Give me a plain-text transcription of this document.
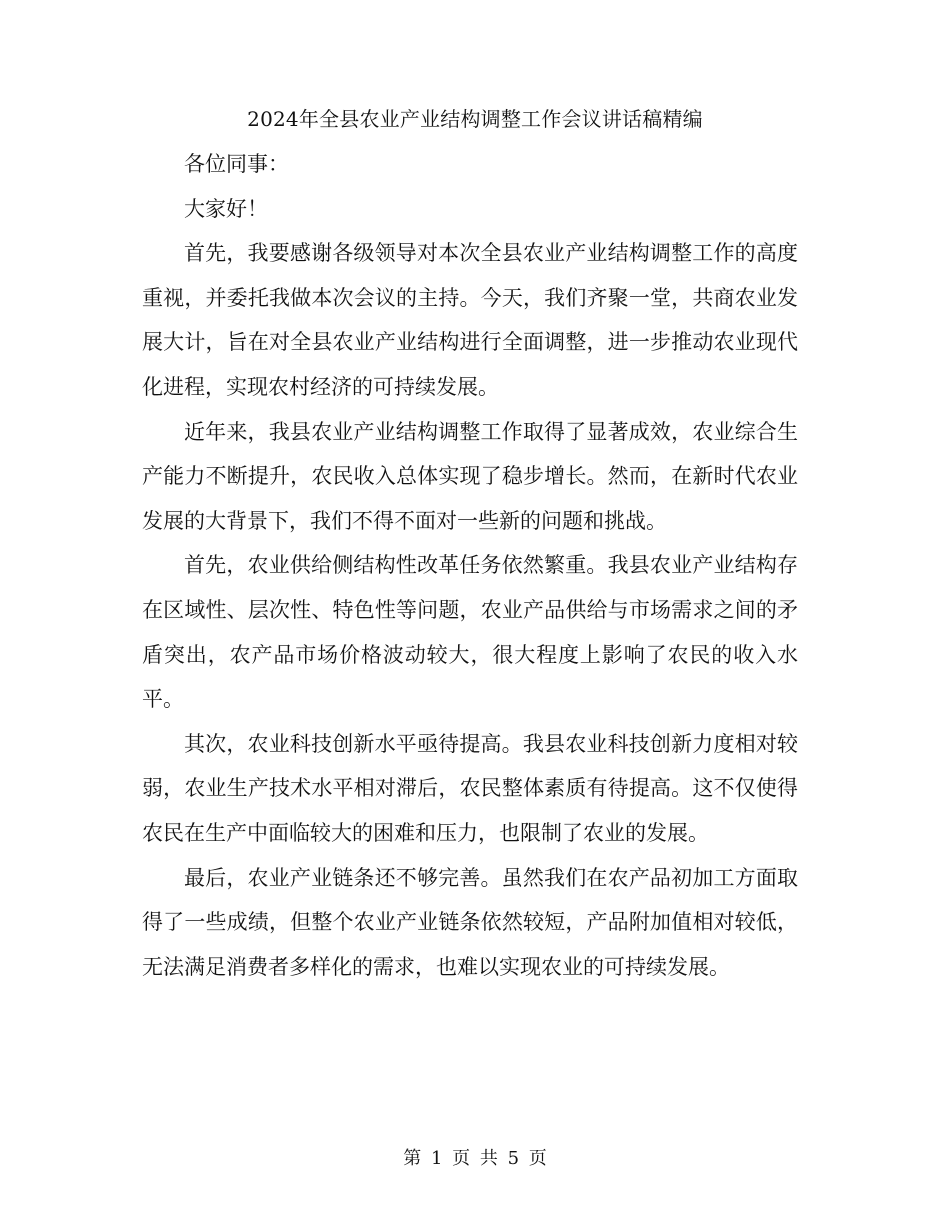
2024年全县农业产业结构调整工作会议讲话稿精编

各位同事：

大家好！

首先，我要感谢各级领导对本次全县农业产业结构调整工作的高度重视，并委托我做本次会议的主持。今天，我们齐聚一堂，共商农业发展大计，旨在对全县农业产业结构进行全面调整，进一步推动农业现代化进程，实现农村经济的可持续发展。

近年来，我县农业产业结构调整工作取得了显著成效，农业综合生产能力不断提升，农民收入总体实现了稳步增长。然而，在新时代农业发展的大背景下，我们不得不面对一些新的问题和挑战。

首先，农业供给侧结构性改革任务依然繁重。我县农业产业结构存在区域性、层次性、特色性等问题，农业产品供给与市场需求之间的矛盾突出，农产品市场价格波动较大，很大程度上影响了农民的收入水平。

其次，农业科技创新水平亟待提高。我县农业科技创新力度相对较弱，农业生产技术水平相对滞后，农民整体素质有待提高。这不仅使得农民在生产中面临较大的困难和压力，也限制了农业的发展。

最后，农业产业链条还不够完善。虽然我们在农产品初加工方面取得了一些成绩，但整个农业产业链条依然较短，产品附加值相对较低，无法满足消费者多样化的需求，也难以实现农业的可持续发展。

第 1 页 共 5 页
